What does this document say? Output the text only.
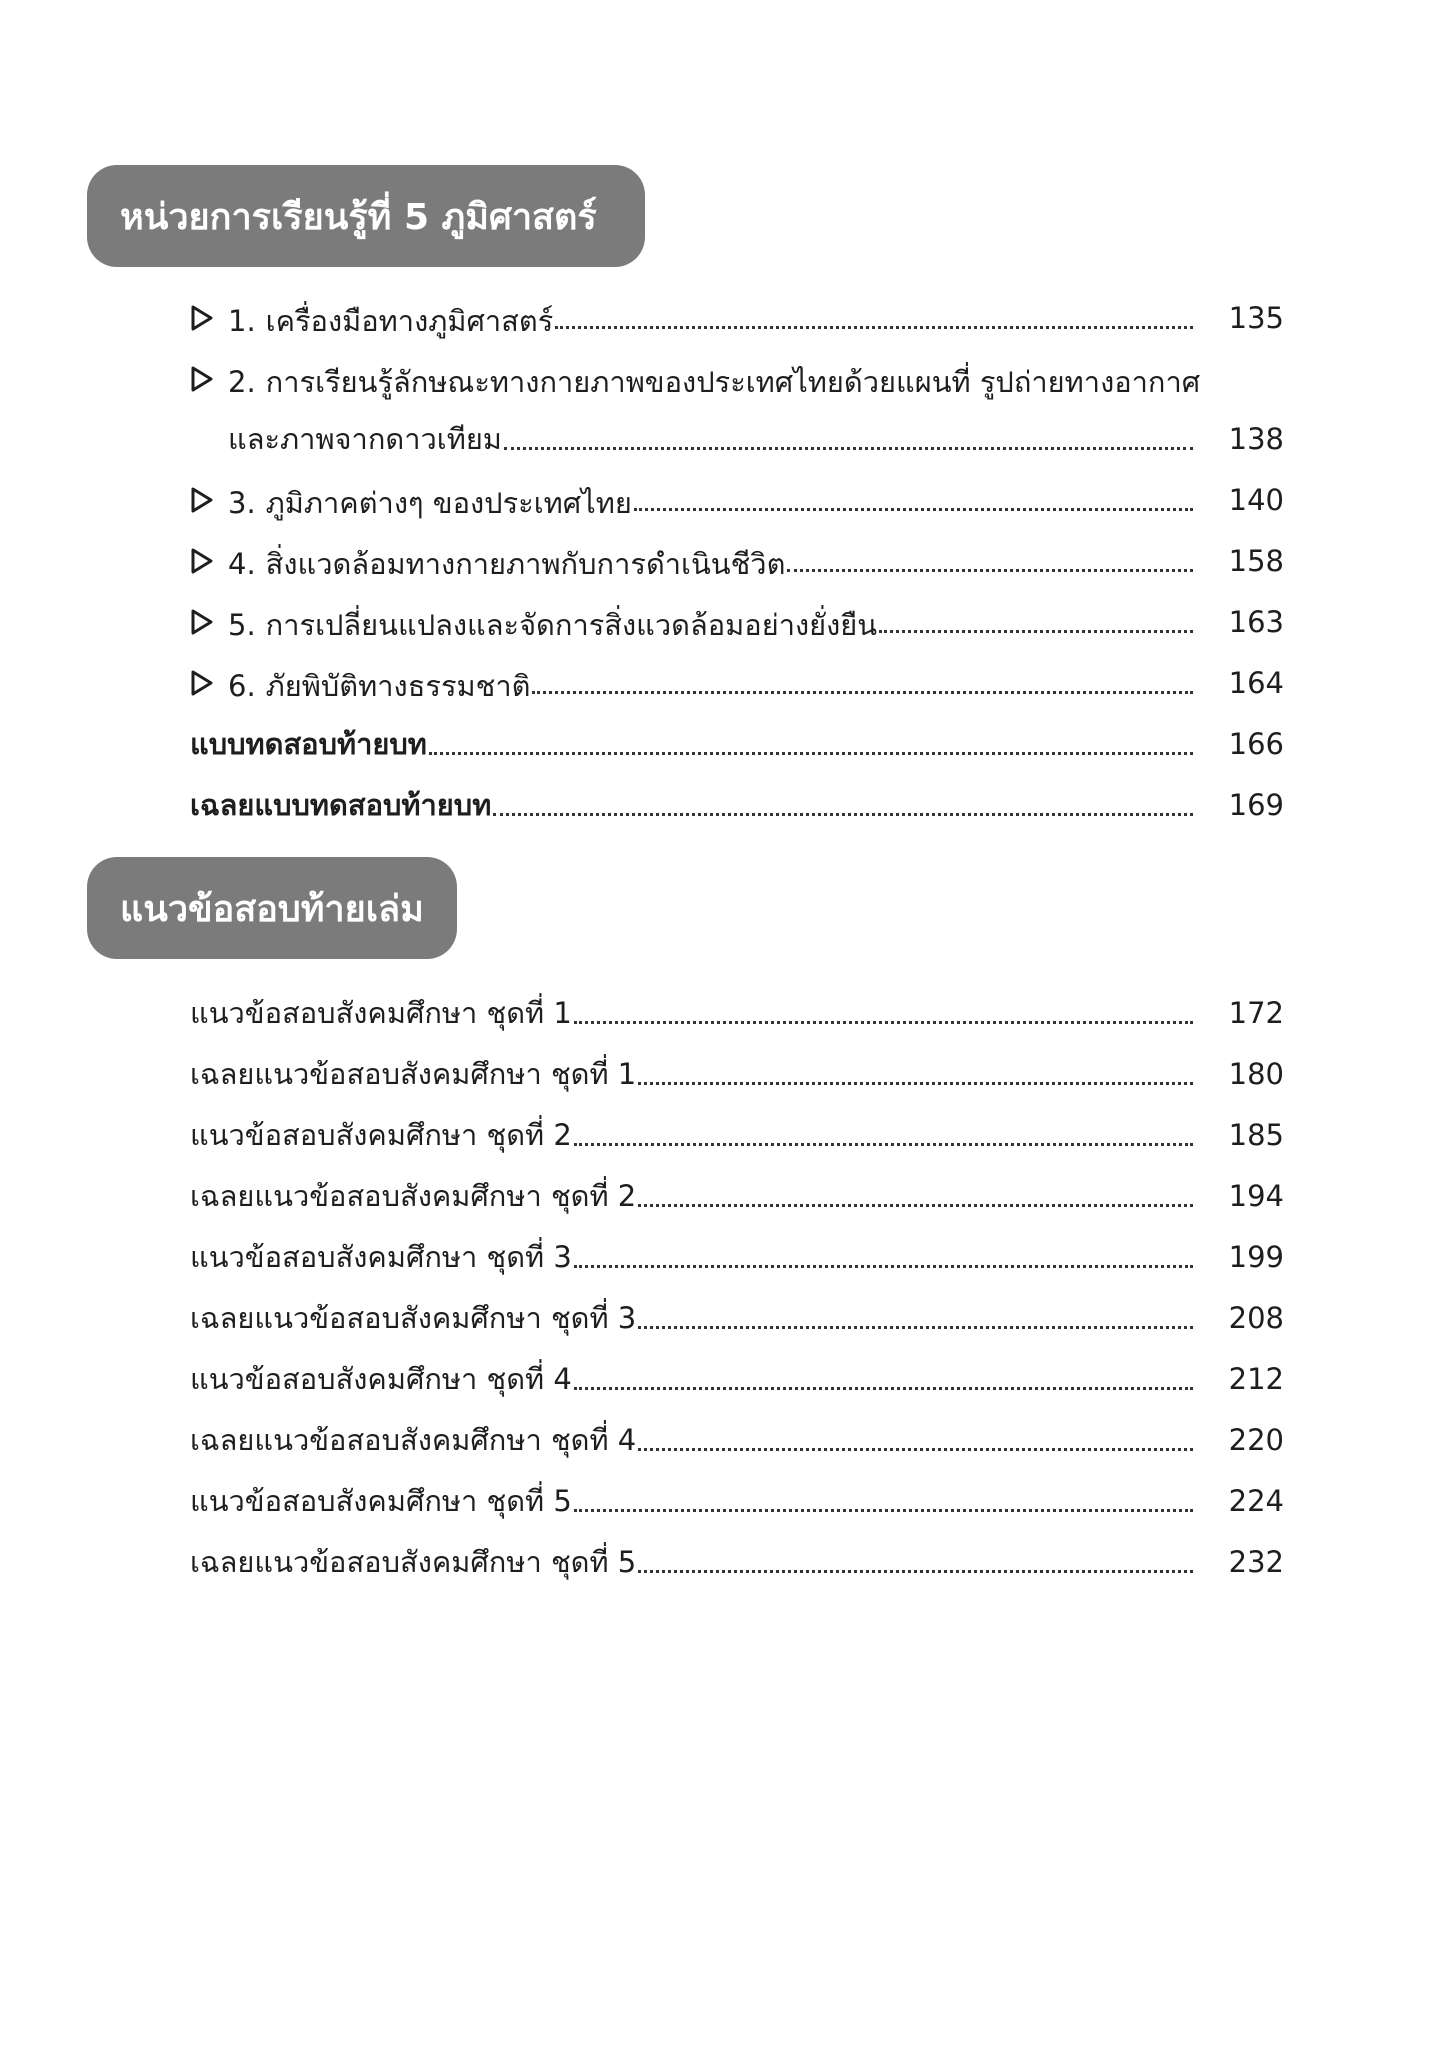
หน่วยการเรียนรู้ที่ 5 ภูมิศาสตร์
1. เครื่องมือทางภูมิศาสตร์	135
2. การเรียนรู้ลักษณะทางกายภาพของประเทศไทยด้วยแผนที่ รูปถ่ายทางอากาศ
และภาพจากดาวเทียม	138
3. ภูมิภาคต่างๆ ของประเทศไทย	140
4. สิ่งแวดล้อมทางกายภาพกับการดำเนินชีวิต	158
5. การเปลี่ยนแปลงและจัดการสิ่งแวดล้อมอย่างยั่งยืน	163
6. ภัยพิบัติทางธรรมชาติ	164
แบบทดสอบท้ายบท	166
เฉลยแบบทดสอบท้ายบท	169
แนวข้อสอบท้ายเล่ม
แนวข้อสอบสังคมศึกษา ชุดที่ 1	172
เฉลยแนวข้อสอบสังคมศึกษา ชุดที่ 1	180
แนวข้อสอบสังคมศึกษา ชุดที่ 2	185
เฉลยแนวข้อสอบสังคมศึกษา ชุดที่ 2	194
แนวข้อสอบสังคมศึกษา ชุดที่ 3	199
เฉลยแนวข้อสอบสังคมศึกษา ชุดที่ 3	208
แนวข้อสอบสังคมศึกษา ชุดที่ 4	212
เฉลยแนวข้อสอบสังคมศึกษา ชุดที่ 4	220
แนวข้อสอบสังคมศึกษา ชุดที่ 5	224
เฉลยแนวข้อสอบสังคมศึกษา ชุดที่ 5	232
